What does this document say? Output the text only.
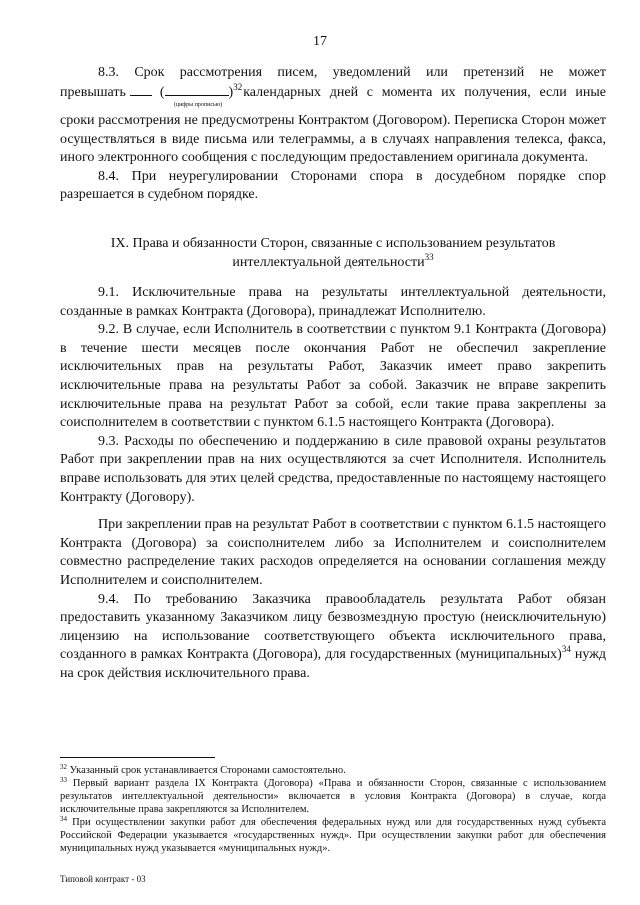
17

8.3. Срок рассмотрения писем, уведомлений или претензий не может

превышать (	)$^{32}$
(цифры прописью)
календарных дней с момента их получения, если иные

сроки рассмотрения не предусмотрены Контрактом (Договором). Переписка Сторон может осуществляться в виде письма или телеграммы, а в случаях направления телекса, факса, иного электронного сообщения с последующим предоставлением оригинала документа.

8.4. При неурегулировании Сторонами спора в досудебном порядке спор разрешается в судебном порядке.

IX. Права и обязанности Сторон, связанные с использованием результатов
интеллектуальной деятельности$^{33}$

9.1. Исключительные права на результаты интеллектуальной деятельности, созданные в рамках Контракта (Договора), принадлежат Исполнителю.

9.2. В случае, если Исполнитель в соответствии с пунктом 9.1 Контракта (Договора) в течение шести месяцев после окончания Работ не обеспечил закрепление исключительных прав на результаты Работ, Заказчик имеет право закрепить исключительные права на результаты Работ за собой. Заказчик не вправе закрепить исключительные права на результат Работ за собой, если такие права закреплены за соисполнителем в соответствии с пунктом 6.1.5 настоящего Контракта (Договора).

9.3. Расходы по обеспечению и поддержанию в силе правовой охраны результатов Работ при закреплении прав на них осуществляются за счет Исполнителя. Исполнитель вправе использовать для этих целей средства, предоставленные по настоящему настоящего Контракту (Договору).

При закреплении прав на результат Работ в соответствии с пунктом 6.1.5 настоящего Контракта (Договора) за соисполнителем либо за Исполнителем и соисполнителем совместно распределение таких расходов определяется на основании соглашения между Исполнителем и соисполнителем.

9.4. По требованию Заказчика правообладатель результата Работ обязан предоставить указанному Заказчиком лицу безвозмездную простую (неисключительную) лицензию на использование соответствующего объекта исключительного права, созданного в рамках Контракта (Договора), для государственных (муниципальных)$^{34}$ нужд на срок действия исключительного права.

$^{32}$ Указанный срок устанавливается Сторонами самостоятельно.

$^{33}$ Первый вариант раздела IX Контракта (Договора) «Права и обязанности Сторон, связанные с использованием результатов интеллектуальной деятельности» включается в условия Контракта (Договора) в случае, когда исключительные права закрепляются за Исполнителем.

$^{34}$ При осуществлении закупки работ для обеспечения федеральных нужд или для государственных нужд субъекта Российской Федерации указывается «государственных нужд». При осуществлении закупки работ для обеспечения муниципальных нужд указывается «муниципальных нужд».

Типовой контракт - 03
